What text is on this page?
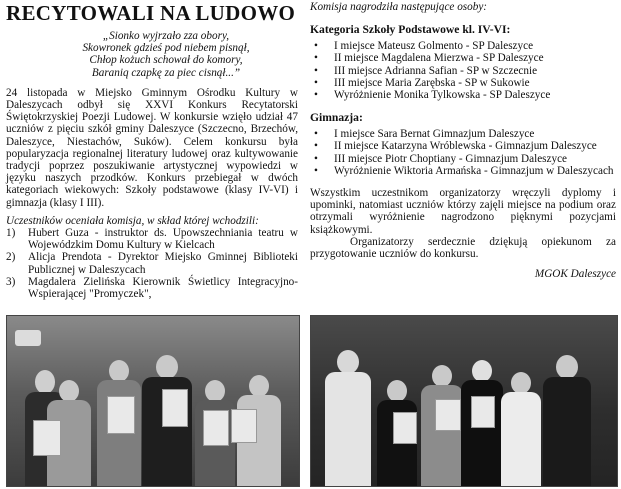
RECYTOWALI NA LUDOWO
„Sionko wyjrzało zza obory,
Skowronek gdzieś pod niebem pisnął,
Chłop kożuch schował do komory,
Baraniq czapkę za piec cisnął...”

24 listopada w Miejsko Gminnym Ośrodku Kultury w Daleszycach odbył się XXVI Konkurs Recytatorski Świętokrzyskiej Poezji Ludowej. W konkursie wzięło udział 47 uczniów z pięciu szkół gminy Daleszyce (Szczecno, Brzechów, Daleszyce, Niestachów, Suków). Celem konkursu była popularyzacja regionalnej literatury ludowej oraz kultywowanie tradycji poprzez poszukiwanie artystycznej wypowiedzi w języku naszych przodków. Konkurs przebiegał w dwóch kategoriach wiekowych: Szkoły podstawowe (klasy IV-VI) i gimnazja (klasy I III).

Uczestników oceniała komisja, w skład której wchodzili:

1)	Hubert Guza - instruktor ds. Upowszechniania teatru w Wojewódzkim Domu Kultury w Kielcach
2)	Alicja Prendota - Dyrektor Miejsko Gminnej Biblioteki Publicznej w Daleszycach
3)	Magdalera Zielińska Kierownik Świetlicy Integracyjno- Wspierającej "Promyczek",

Komisja nagrodziła następujące osoby:

Kategoria Szkoły Podstawowe kl. IV-VI:

•	I miejsce Mateusz Golmento - SP Daleszyce
•	II miejsce Magdalena Mierzwa - SP Daleszyce
•	III miejsce Adrianna Safian - SP w Szczecnie
•	III miejsce Maria Zarębska - SP w Sukowie
•	Wyróżnienie Monika Tylkowska - SP Daleszyce

Gimnazja:

•	I miejsce Sara Bernat Gimnazjum Daleszyce
•	II miejsce Katarzyna Wróblewska - Gimnazjum Daleszyce
•	III miejsce Piotr Choptiany - Gimnazjum Daleszyce
•	Wyróżnienie Wiktoria Armańska - Gimnazjum w Daleszycach

Wszystkim uczestnikom organizatorzy wręczyli dyplomy i upominki, natomiast uczniów którzy zajęli miejsce na podium oraz otrzymali wyróżnienie nagrodzono pięknymi pozycjami książkowymi.

Organizatorzy serdecznie dziękują opiekunom za przygotowanie uczniów do konkursu.

MGOK Daleszyce
